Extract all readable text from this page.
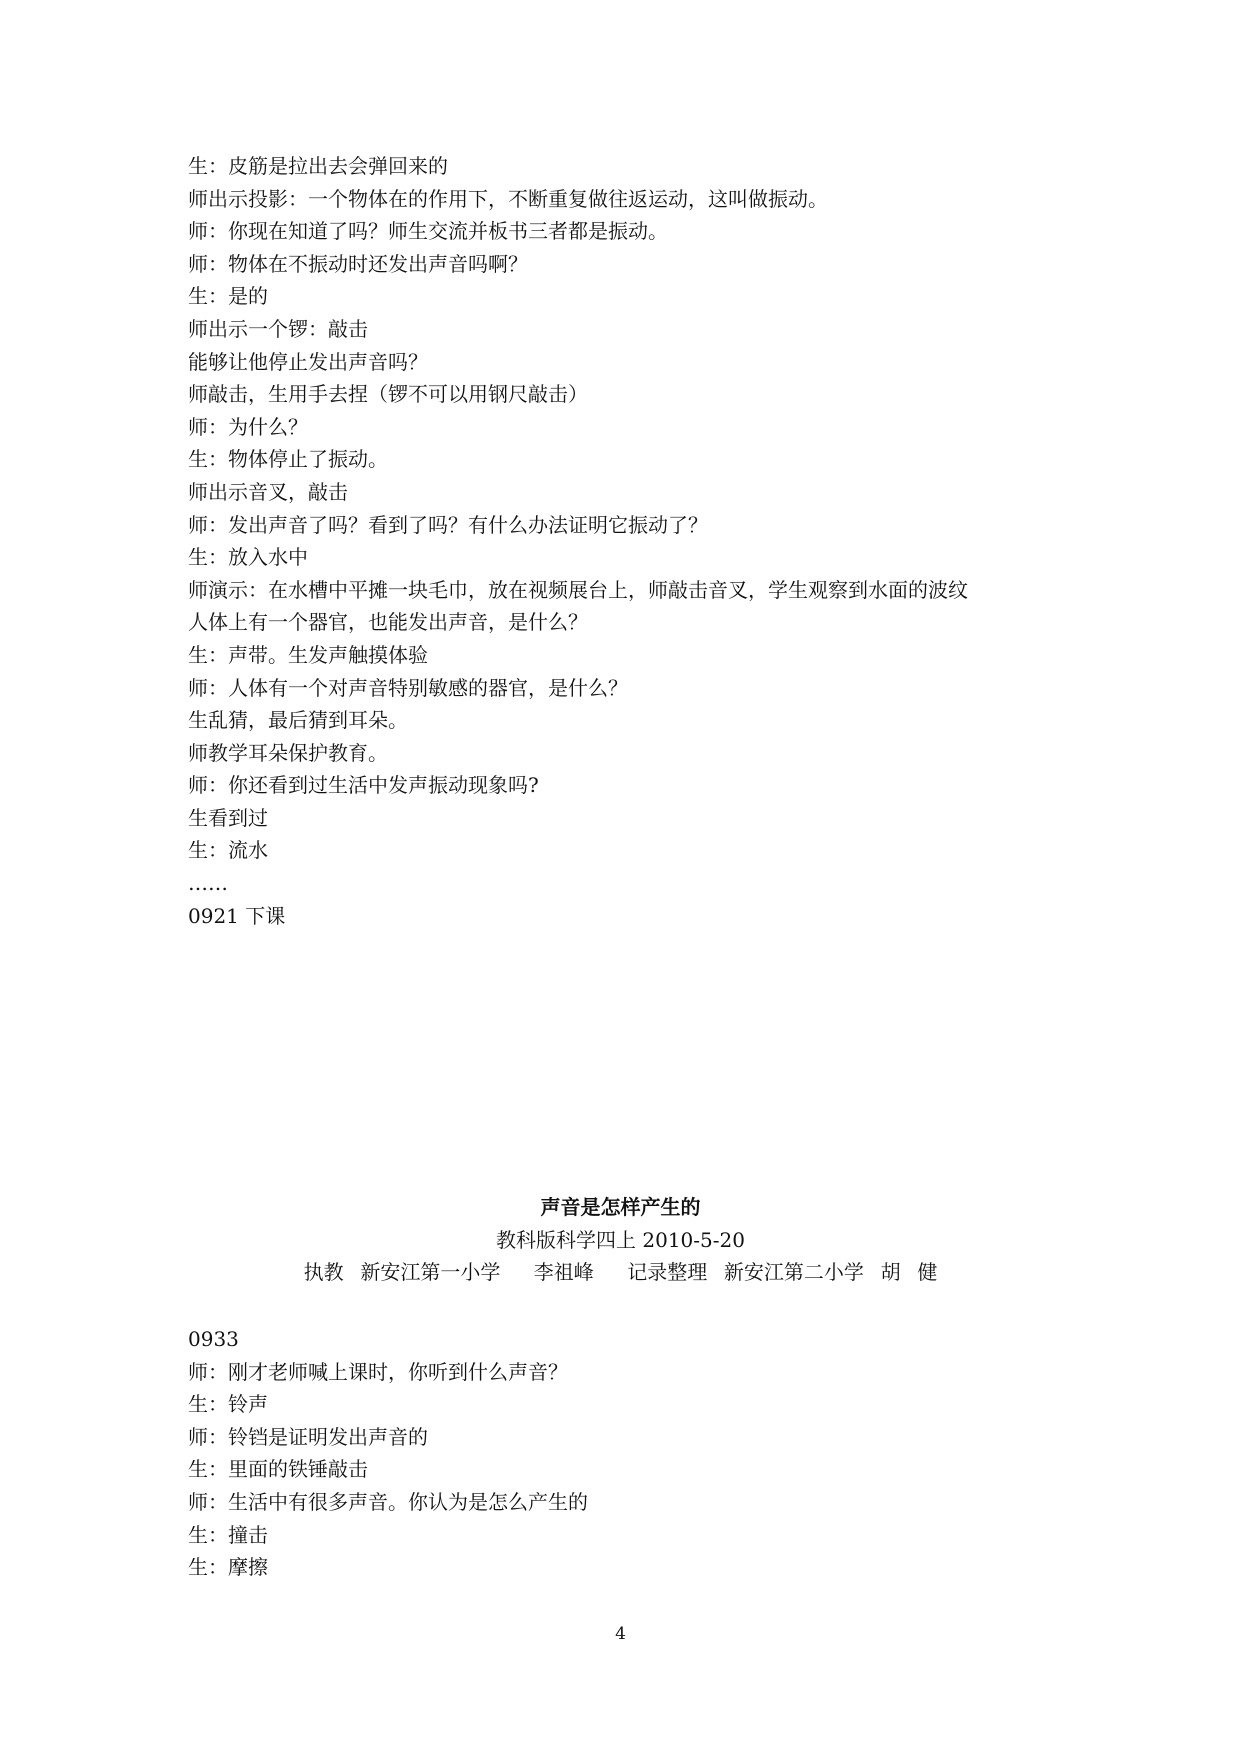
生：皮筋是拉出去会弹回来的
师出示投影：一个物体在的作用下，不断重复做往返运动，这叫做振动。
师：你现在知道了吗？师生交流并板书三者都是振动。
师：物体在不振动时还发出声音吗啊？
生：是的
师出示一个锣：敲击
能够让他停止发出声音吗？
师敲击，生用手去捏（锣不可以用钢尺敲击）
师：为什么？
生：物体停止了振动。
师出示音叉，敲击
师：发出声音了吗？看到了吗？有什么办法证明它振动了？
生：放入水中
师演示：在水槽中平摊一块毛巾，放在视频展台上，师敲击音叉，学生观察到水面的波纹
人体上有一个器官，也能发出声音，是什么？
生：声带。生发声触摸体验
师：人体有一个对声音特别敏感的器官，是什么？
生乱猜，最后猜到耳朵。
师教学耳朵保护教育。
师：你还看到过生活中发声振动现象吗?
生看到过
生：流水
……
0921 下课
声音是怎样产生的
教科版科学四上 2010-5-20
执教  新安江第一小学    李祖峰    记录整理  新安江第二小学  胡  健
0933
师：刚才老师喊上课时，你听到什么声音？
生：铃声
师：铃铛是证明发出声音的
生：里面的铁锤敲击
师：生活中有很多声音。你认为是怎么产生的
生：撞击
生：摩擦
4
